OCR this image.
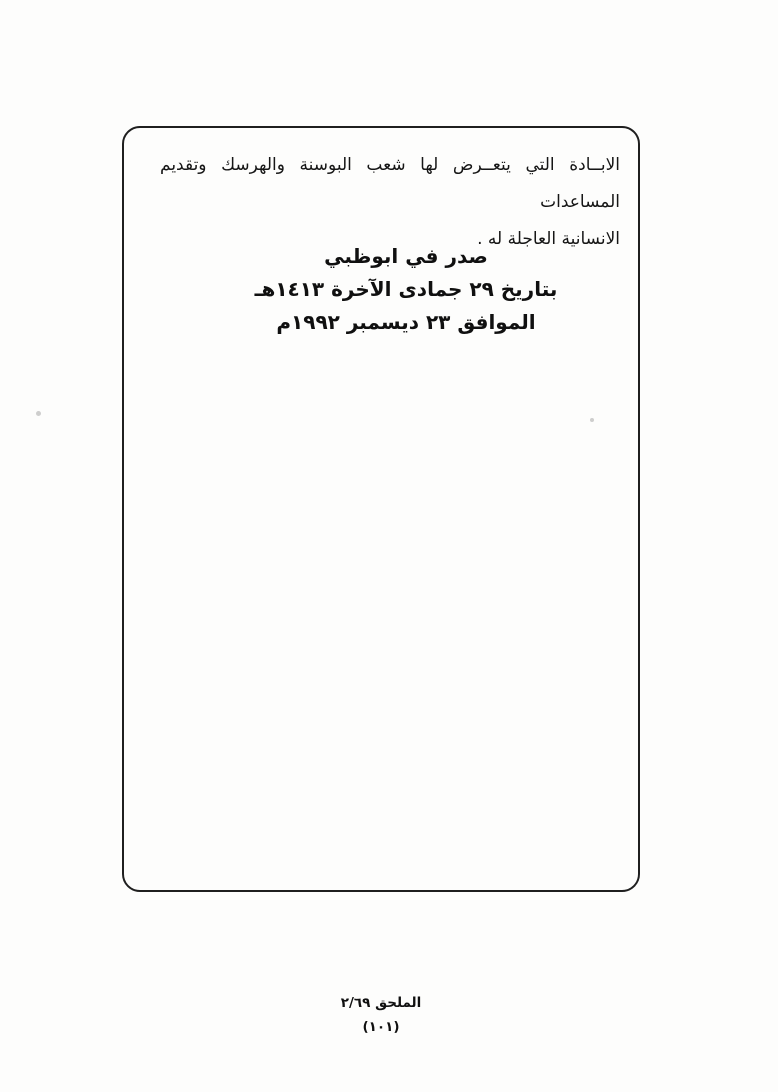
الابــادة التي يتعــرض لها شعب البوسنة والهرسك وتقديم المساعدات
الانسانية العاجلة له .
صدر في ابوظبي
بتاريخ ٢٩ جمادى الآخرة ١٤١٣هـ
الموافق ٢٣ ديسمبر ١٩٩٢م
الملحق ٢/٦٩
(١٠١)
